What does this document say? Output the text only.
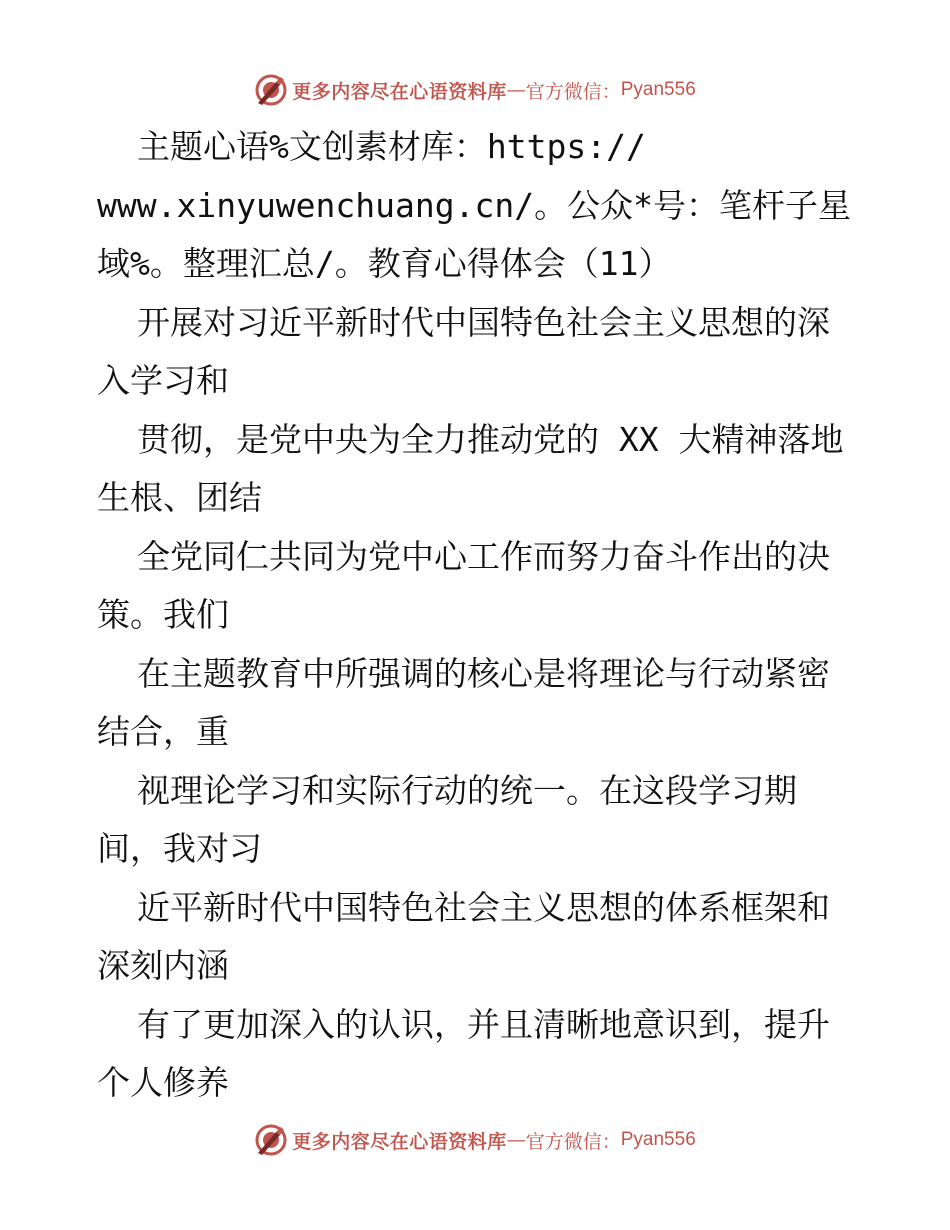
更多内容尽在心语资料库 — 官方微信： Pyan556
主题心语%文创素材库：https://
www.xinyuwenchuang.cn/。公众*号：笔杆子星
域%。整理汇总/。教育心得体会（11）
开展对习近平新时代中国特色社会主义思想的深
入学习和
贯彻，是党中央为全力推动党的 XX 大精神落地
生根、团结
全党同仁共同为党中心工作而努力奋斗作出的决
策。我们
在主题教育中所强调的核心是将理论与行动紧密
结合，重
视理论学习和实际行动的统一。在这段学习期
间，我对习
近平新时代中国特色社会主义思想的体系框架和
深刻内涵
有了更加深入的认识，并且清晰地意识到，提升
个人修养
更多内容尽在心语资料库 — 官方微信： Pyan556
